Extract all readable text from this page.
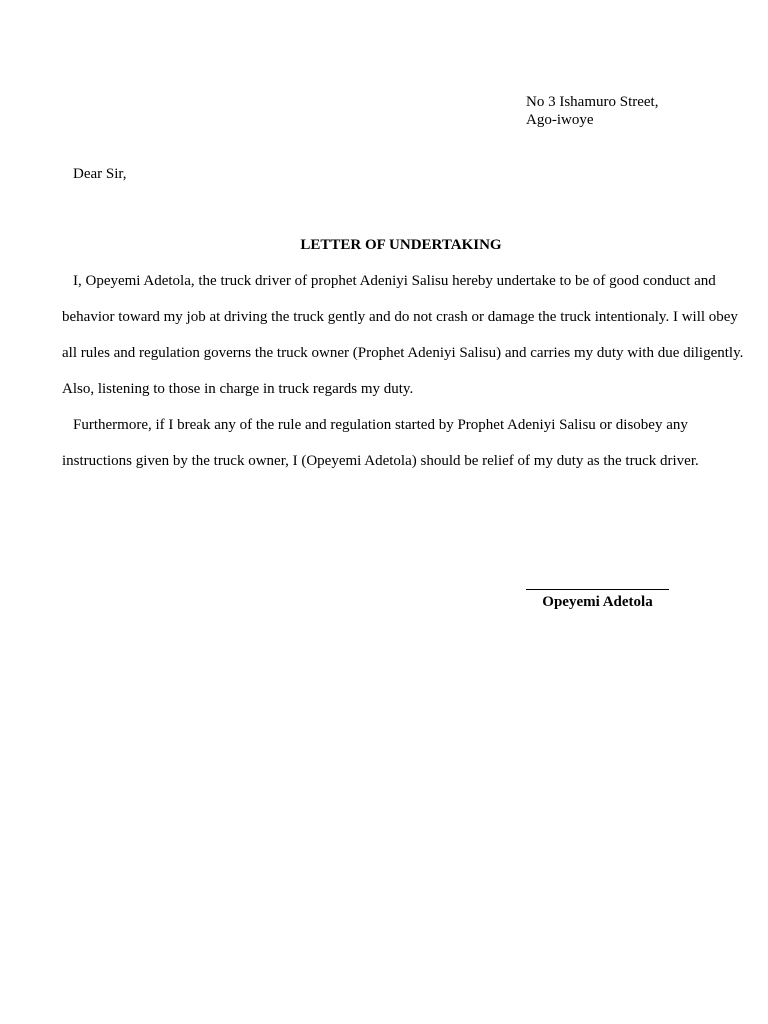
No 3 Ishamuro Street,
Ago-iwoye
Dear Sir,
LETTER OF UNDERTAKING

I, Opeyemi Adetola, the truck driver of prophet Adeniyi Salisu hereby undertake to be of good conduct and behavior toward my job at driving the truck gently and do not crash or damage the truck intentionaly. I will obey all rules and regulation governs the truck owner (Prophet Adeniyi Salisu) and carries my duty with due diligently. Also, listening to those in charge in truck regards my duty.

Furthermore, if I break any of the rule and regulation started by Prophet Adeniyi Salisu or disobey any instructions given by the truck owner, I (Opeyemi Adetola) should be relief of my duty as the truck driver.

Opeyemi Adetola
